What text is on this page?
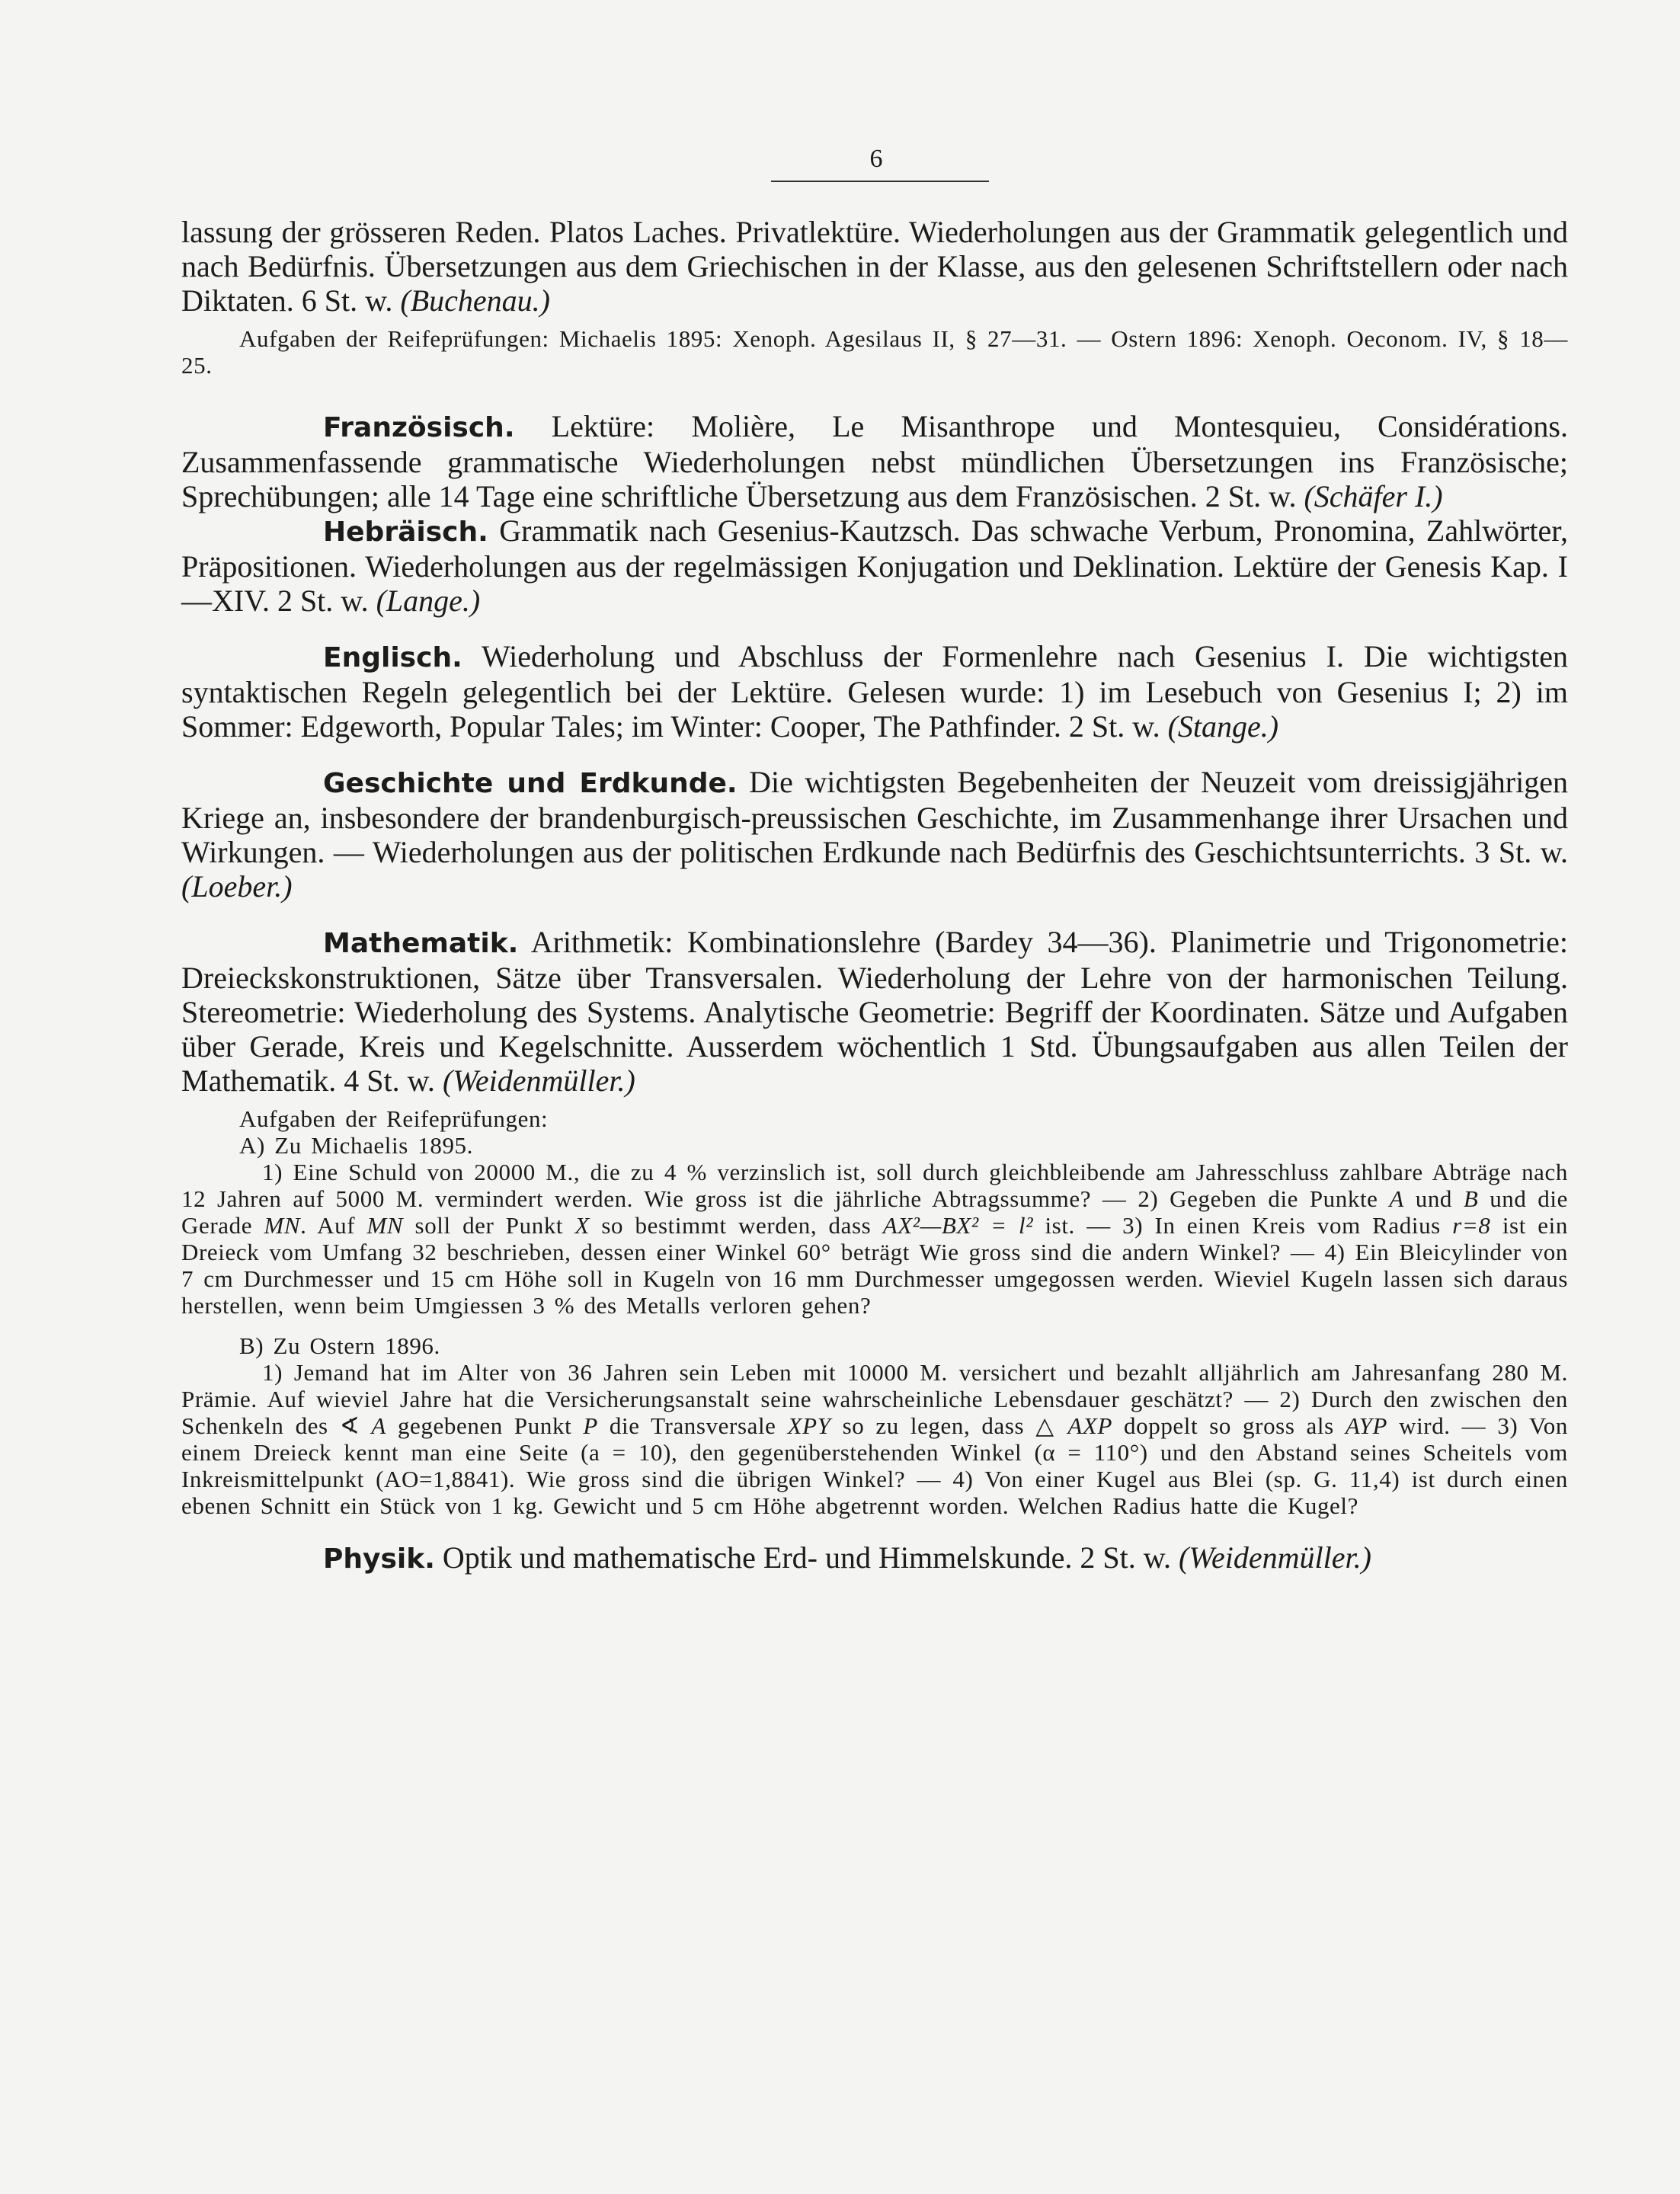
6

lassung der grösseren Reden. Platos Laches. Privatlektüre. Wiederholungen aus der Grammatik gelegentlich und nach Bedürfnis. Übersetzungen aus dem Griechischen in der Klasse, aus den gelesenen Schriftstellern oder nach Diktaten. 6 St. w. (Buchenau.)

Aufgaben der Reifeprüfungen: Michaelis 1895: Xenoph. Agesilaus II, § 27—31. — Ostern 1896: Xenoph. Oeconom. IV, § 18—25.

Französisch. Lektüre: Molière, Le Misanthrope und Montesquieu, Considérations. Zusammenfassende grammatische Wiederholungen nebst mündlichen Übersetzungen ins Französische; Sprechübungen; alle 14 Tage eine schriftliche Übersetzung aus dem Französischen. 2 St. w. (Schäfer I.)

Hebräisch. Grammatik nach Gesenius-Kautzsch. Das schwache Verbum, Pronomina, Zahlwörter, Präpositionen. Wiederholungen aus der regelmässigen Konjugation und Deklination. Lektüre der Genesis Kap. I—XIV. 2 St. w. (Lange.)

Englisch. Wiederholung und Abschluss der Formenlehre nach Gesenius I. Die wichtigsten syntaktischen Regeln gelegentlich bei der Lektüre. Gelesen wurde: 1) im Lesebuch von Gesenius I; 2) im Sommer: Edgeworth, Popular Tales; im Winter: Cooper, The Pathfinder. 2 St. w. (Stange.)

Geschichte und Erdkunde. Die wichtigsten Begebenheiten der Neuzeit vom dreissigjährigen Kriege an, insbesondere der brandenburgisch-preussischen Geschichte, im Zusammenhange ihrer Ursachen und Wirkungen. — Wiederholungen aus der politischen Erdkunde nach Bedürfnis des Geschichtsunterrichts. 3 St. w. (Loeber.)

Mathematik. Arithmetik: Kombinationslehre (Bardey 34—36). Planimetrie und Trigonometrie: Dreieckskonstruktionen, Sätze über Transversalen. Wiederholung der Lehre von der harmonischen Teilung. Stereometrie: Wiederholung des Systems. Analytische Geometrie: Begriff der Koordinaten. Sätze und Aufgaben über Gerade, Kreis und Kegelschnitte. Ausserdem wöchentlich 1 Std. Übungsaufgaben aus allen Teilen der Mathematik. 4 St. w. (Weidenmüller.)

Aufgaben der Reifeprüfungen:

A) Zu Michaelis 1895.

1) Eine Schuld von 20000 M., die zu 4 % verzinslich ist, soll durch gleichbleibende am Jahresschluss zahlbare Abträge nach 12 Jahren auf 5000 M. vermindert werden. Wie gross ist die jährliche Abtragssumme? — 2) Gegeben die Punkte A und B und die Gerade MN. Auf MN soll der Punkt X so bestimmt werden, dass AX²—BX² = l² ist. — 3) In einen Kreis vom Radius r=8 ist ein Dreieck vom Umfang 32 beschrieben, dessen einer Winkel 60° beträgt Wie gross sind die andern Winkel? — 4) Ein Bleicylinder von 7 cm Durchmesser und 15 cm Höhe soll in Kugeln von 16 mm Durchmesser umgegossen werden. Wieviel Kugeln lassen sich daraus herstellen, wenn beim Umgiessen 3 % des Metalls verloren gehen?

B) Zu Ostern 1896.

1) Jemand hat im Alter von 36 Jahren sein Leben mit 10000 M. versichert und bezahlt alljährlich am Jahresanfang 280 M. Prämie. Auf wieviel Jahre hat die Versicherungsanstalt seine wahrscheinliche Lebensdauer geschätzt? — 2) Durch den zwischen den Schenkeln des ∢ A gegebenen Punkt P die Transversale XPY so zu legen, dass △ AXP doppelt so gross als AYP wird. — 3) Von einem Dreieck kennt man eine Seite (a = 10), den gegenüberstehenden Winkel (α = 110°) und den Abstand seines Scheitels vom Inkreismittelpunkt (AO=1,8841). Wie gross sind die übrigen Winkel? — 4) Von einer Kugel aus Blei (sp. G. 11,4) ist durch einen ebenen Schnitt ein Stück von 1 kg. Gewicht und 5 cm Höhe abgetrennt worden. Welchen Radius hatte die Kugel?

Physik. Optik und mathematische Erd- und Himmelskunde. 2 St. w. (Weidenmüller.)
